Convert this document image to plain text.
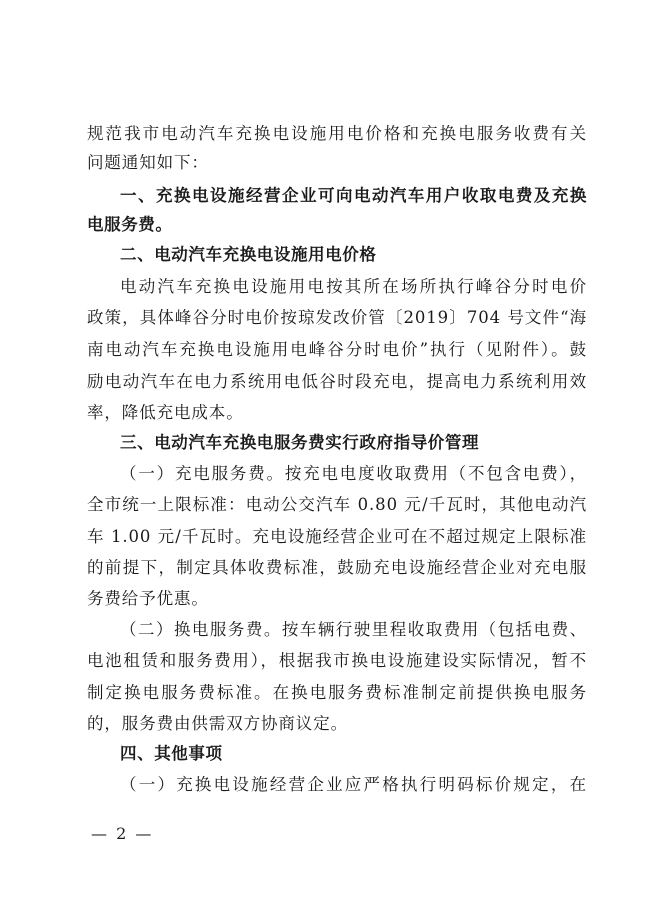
规范我市电动汽车充换电设施用电价格和充换电服务收费有关
问题通知如下：
一、充换电设施经营企业可向电动汽车用户收取电费及充换
电服务费。
二、电动汽车充换电设施用电价格
电动汽车充换电设施用电按其所在场所执行峰谷分时电价
政策，具体峰谷分时电价按琼发改价管〔2019〕704 号文件“海
南电动汽车充换电设施用电峰谷分时电价”执行（见附件）。鼓
励电动汽车在电力系统用电低谷时段充电，提高电力系统利用效
率，降低充电成本。
三、电动汽车充换电服务费实行政府指导价管理
（一）充电服务费。按充电电度收取费用（不包含电费），
全市统一上限标准：电动公交汽车 0.80 元/千瓦时，其他电动汽
车 1.00 元/千瓦时。充电设施经营企业可在不超过规定上限标准
的前提下，制定具体收费标准，鼓励充电设施经营企业对充电服
务费给予优惠。
（二）换电服务费。按车辆行驶里程收取费用（包括电费、
电池租赁和服务费用），根据我市换电设施建设实际情况，暂不
制定换电服务费标准。在换电服务费标准制定前提供换电服务
的，服务费由供需双方协商议定。
四、其他事项
（一）充换电设施经营企业应严格执行明码标价规定，在
— 2 —
